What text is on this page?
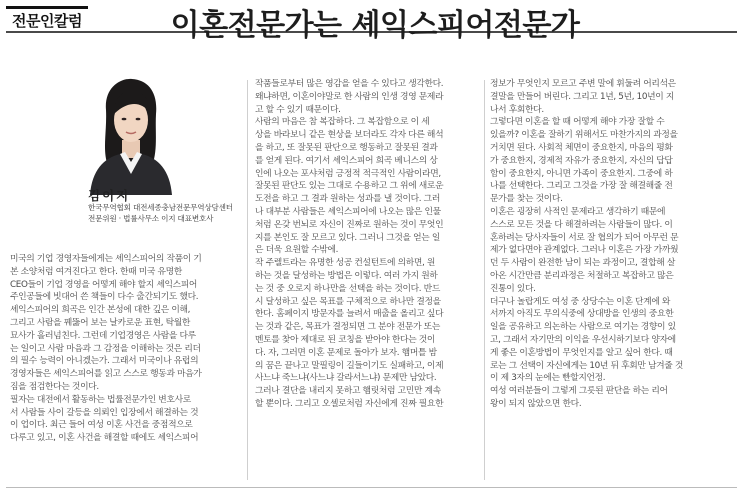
전문인칼럼	이혼전문가는 셰익스피어전문가
김이지
한국무역협회 대전세종충남전문무역상담센터
전문위원 · 법률사무소 이지 대표변호사
미국의 기업 경영자들에게는 셰익스피어의 작품이 기
본 소양처럼 여겨진다고 한다. 한때 미국 유명한
CEO들이 기업 경영을 어떻게 해야 할지 셰익스피어
주인공들에 빗대어 쓴 책들이 다수 출간되기도 했다.
셰익스피어의 희곡은 인간 본성에 대한 깊은 이해,
그리고 사람을 꿰뚫어 보는 날카로운 표현, 탁월한
묘사가 흘러넘친다. 그런데 기업경영은 사람을 다루
는 일이고 사람 마음과 그 감정을 이해하는 것은 리더
의 필수 능력이 아니겠는가. 그래서 미국이나 유럽의
경영자들은 셰익스피어를 읽고 스스로 행동과 마음가
짐을 점검한다는 것이다.
필자는 대전에서 활동하는 법률전문가인 변호사로
서 사람들 사이 갈등을 의뢰인 입장에서 해결하는 것
이 업이다. 최근 들어 여성 이혼 사건을 중점적으로
다루고 있고, 이혼 사건을 해결할 때에도 셰익스피어
작품들로부터 많은 영감을 얻을 수 있다고 생각한다.
왜냐하면, 이혼이야말로 한 사람의 인생 경영 문제라
고 할 수 있기 때문이다.
사람의 마음은 참 복잡하다. 그 복잡함으로 이 세
상을 바라보니 같은 현상을 보더라도 각자 다른 해석
을 하고, 또 잘못된 판단으로 행동하고 잘못된 결과
를 얻게 된다. 여기서 셰익스피어 희곡 베니스의 상
인에 나오는 포샤처럼 긍정적 적극적인 사람이라면,
잘못된 판단도 있는 그대로 수용하고 그 위에 새로운
도전을 하고 그 결과 원하는 성과를 낼 것이다. 그러
나 대부분 사람들은 셰익스피어에 나오는 많은 인물
처럼 온갖 번뇌로 자신이 진짜로 원하는 것이 무엇인
지를 본인도 잘 모르고 있다. 그러니 그것을 얻는 일
은 더욱 요원할 수밖에.
작 주렐트라는 유명한 성공 컨설턴트에 의하면, 원
하는 것을 달성하는 방법은 이렇다. 여러 가지 원하
는 것 중 오로지 하나만을 선택을 하는 것이다. 반드
시 달성하고 싶은 목표를 구체적으로 하나만 결정을
한다. 홈페이지 방문자를 늘려서 매출을 올리고 싶다
는 것과 같은, 목표가 결정되면 그 분야 전문가 또는
멘토를 찾아 제대로 된 코칭을 받아야 한다는 것이
다. 자, 그러면 이혼 문제로 돌아가 보자. 햄머틀 밤
의 꿈은 끝나고 말필링이 길들이기도 실패하고, 이제
사느냐 죽느냐(사느냐 갈라서느냐) 문제만 남았다.
그러나 결단을 내리지 못하고 햄릿처럼 고민만 계속
할 뿐이다. 그리고 오셀로처럼 자신에게 진짜 필요한
정보가 무엇인지 모르고 주변 말에 휘둘려 어리석은
결말을 만들어 버린다. 그리고 1년, 5년, 10년이 지
나서 후회한다.
그렇다면 이혼을 할 때 어떻게 해야 가장 잘할 수
있을까? 이혼을 잘하기 위해서도 마찬가지의 과정을
거치면 된다. 사회적 체면이 중요한지, 마음의 평화
가 중요한지, 경제적 자유가 중요한지, 자신의 답답
함이 중요한지, 아니면 가족이 중요한지. 그중에 하
나를 선택한다. 그리고 그것을 가장 잘 해결해줄 전
문가를 찾는 것이다.
이혼은 굉장히 사적인 문제라고 생각하기 때문에
스스로 모든 것을 다 해결하려는 사람들이 많다. 이
혼하려는 당사자들이 서로 잘 협의가 되어 아무런 문
제가 없다면야 관계없다. 그러나 이혼은 가장 가까웠
던 두 사람이 완전한 남이 되는 과정이고, 결합해 살
아온 시간만큼 분리과정은 처절하고 복잡하고 많은
진통이 있다.
더구나 놀랍게도 여성 중 상당수는 이혼 단계에 와
서까지 아직도 무의식중에 상대방을 인생의 중요한
일을 공유하고 의논하는 사람으로 여기는 경향이 있
고, 그래서 자기만의 이익을 우선시하기보다 양자에
게 좋은 이혼방법이 무엇인지를 알고 싶어 한다. 때
로는 그 선택이 자신에게는 10년 뒤 후회만 남겨줄 것
이 제 3자의 눈에는 빤할지언정.
여성 여러분들이 그렇게 그릇된 판단을 하는 리어
왕이 되지 않았으면 한다.
